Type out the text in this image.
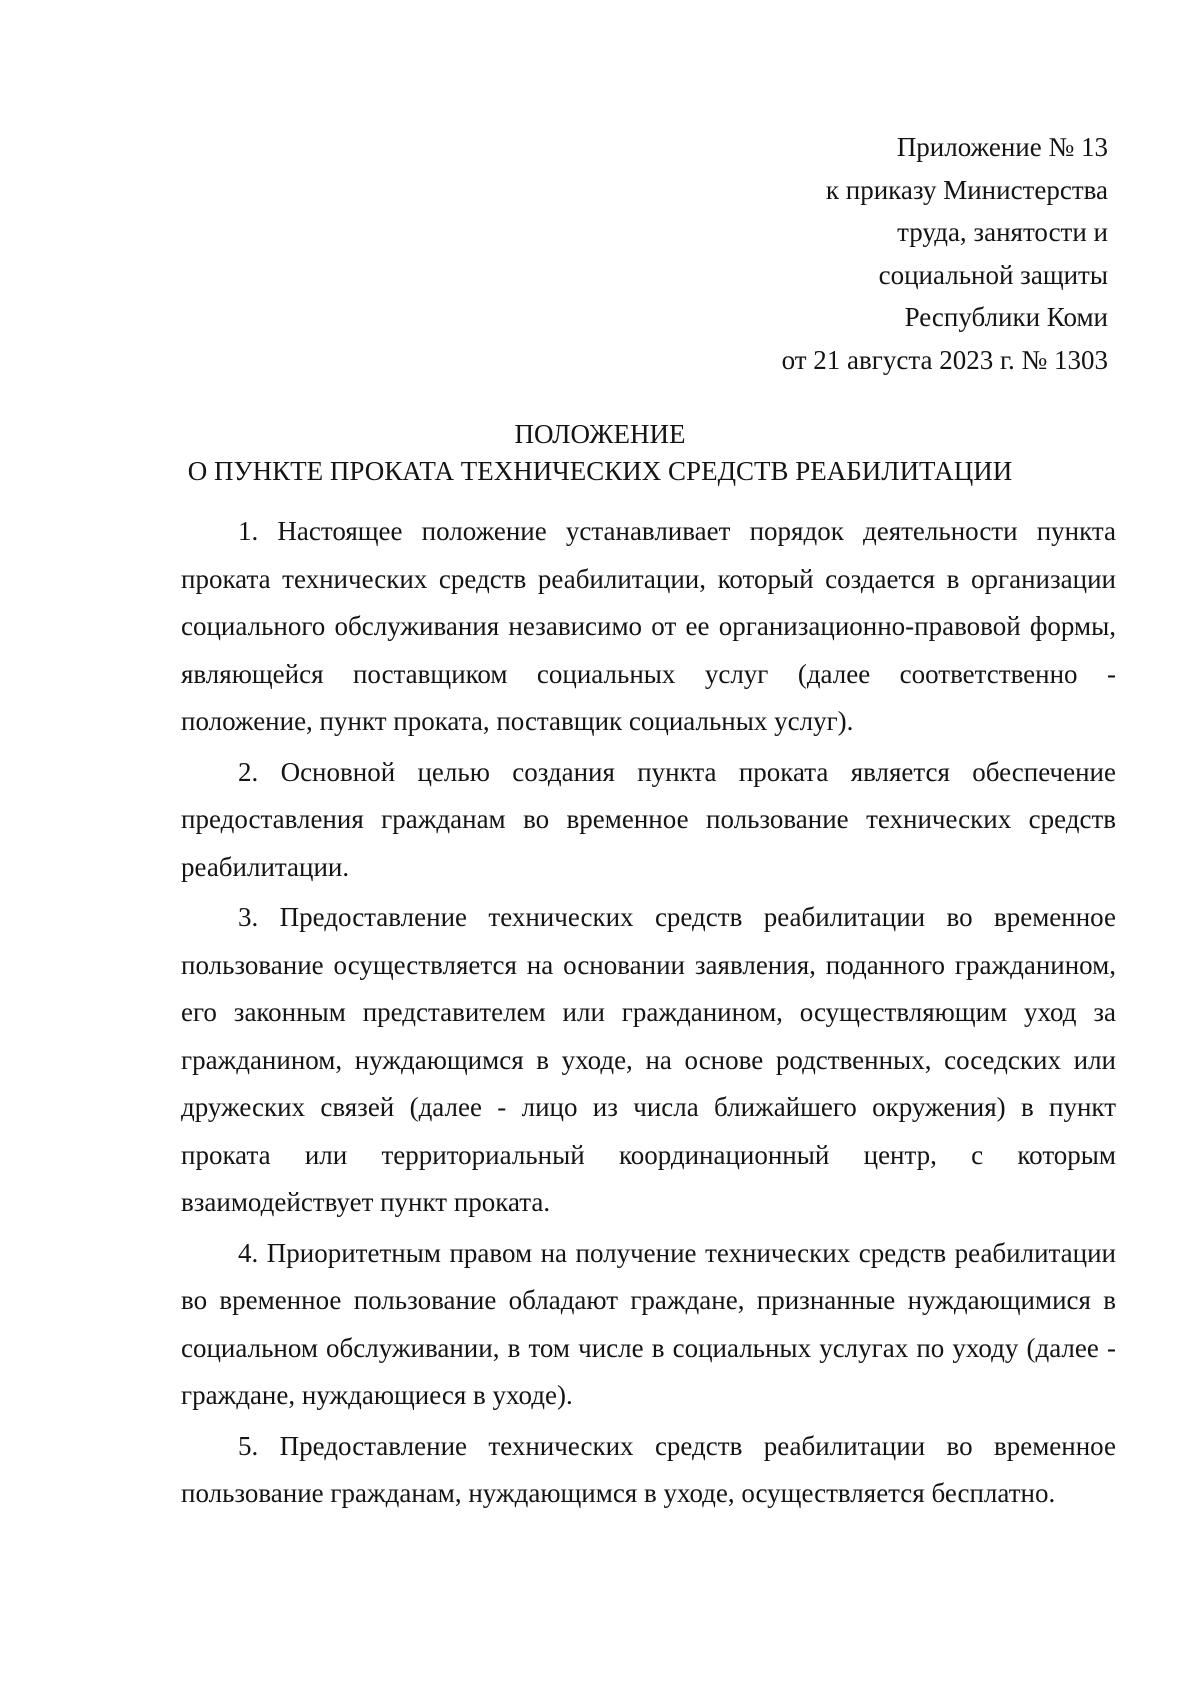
Приложение № 13
к приказу Министерства
труда, занятости и
социальной защиты
Республики Коми
от 21 августа 2023 г. № 1303
ПОЛОЖЕНИЕ
О ПУНКТЕ ПРОКАТА ТЕХНИЧЕСКИХ СРЕДСТВ РЕАБИЛИТАЦИИ

1. Настоящее положение устанавливает порядок деятельности пункта проката технических средств реабилитации, который создается в организации социального обслуживания независимо от ее организационно-правовой формы, являющейся поставщиком социальных услуг (далее соответственно - положение, пункт проката, поставщик социальных услуг).

2. Основной целью создания пункта проката является обеспечение предоставления гражданам во временное пользование технических средств реабилитации.

3. Предоставление технических средств реабилитации во временное пользование осуществляется на основании заявления, поданного гражданином, его законным представителем или гражданином, осуществляющим уход за гражданином, нуждающимся в уходе, на основе родственных, соседских или дружеских связей (далее - лицо из числа ближайшего окружения) в пункт проката или территориальный координационный центр, с которым взаимодействует пункт проката.

4. Приоритетным правом на получение технических средств реабилитации во временное пользование обладают граждане, признанные нуждающимися в социальном обслуживании, в том числе в социальных услугах по уходу (далее - граждане, нуждающиеся в уходе).

5. Предоставление технических средств реабилитации во временное пользование гражданам, нуждающимся в уходе, осуществляется бесплатно.
